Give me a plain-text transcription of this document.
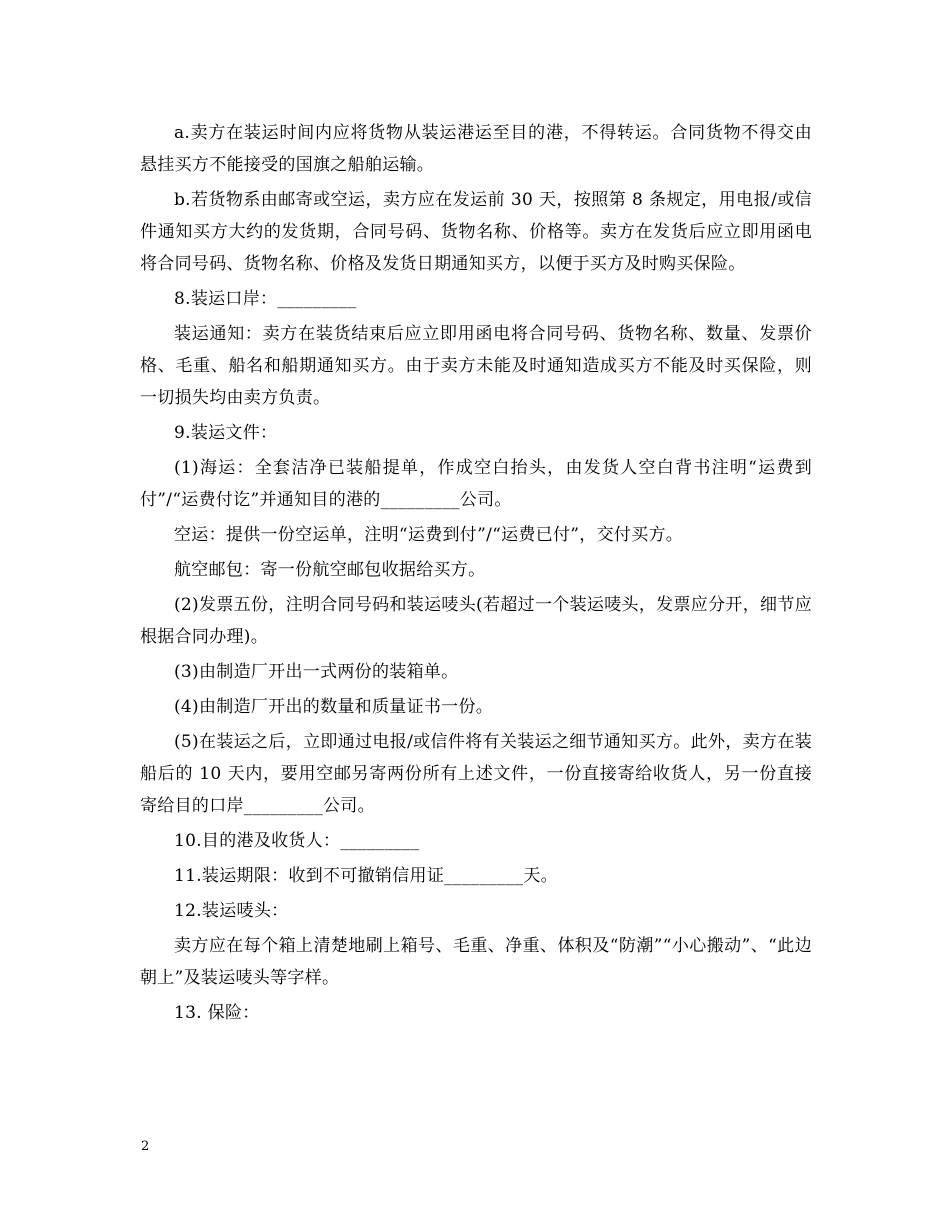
a.卖方在装运时间内应将货物从装运港运至目的港，不得转运。合同货物不得交由悬挂买方不能接受的国旗之船舶运输。

b.若货物系由邮寄或空运，卖方应在发运前 30 天，按照第 8 条规定，用电报/或信件通知买方大约的发货期，合同号码、货物名称、价格等。卖方在发货后应立即用函电将合同号码、货物名称、价格及发货日期通知买方，以便于买方及时购买保险。

8.装运口岸：_________

装运通知：卖方在装货结束后应立即用函电将合同号码、货物名称、数量、发票价格、毛重、船名和船期通知买方。由于卖方未能及时通知造成买方不能及时买保险，则一切损失均由卖方负责。

9.装运文件：

(1)海运：全套洁净已装船提单，作成空白抬头，由发货人空白背书注明“运费到付”/“运费付讫”并通知目的港的_________公司。

空运：提供一份空运单，注明“运费到付”/“运费已付”，交付买方。

航空邮包：寄一份航空邮包收据给买方。

(2)发票五份，注明合同号码和装运唛头(若超过一个装运唛头，发票应分开，细节应根据合同办理)。

(3)由制造厂开出一式两份的装箱单。

(4)由制造厂开出的数量和质量证书一份。

(5)在装运之后，立即通过电报/或信件将有关装运之细节通知买方。此外，卖方在装船后的 10 天内，要用空邮另寄两份所有上述文件，一份直接寄给收货人，另一份直接寄给目的口岸_________公司。

10.目的港及收货人：_________

11.装运期限：收到不可撤销信用证_________天。

12.装运唛头：

卖方应在每个箱上清楚地刷上箱号、毛重、净重、体积及“防潮”“小心搬动”、“此边朝上”及装运唛头等字样。

13. 保险：

2
